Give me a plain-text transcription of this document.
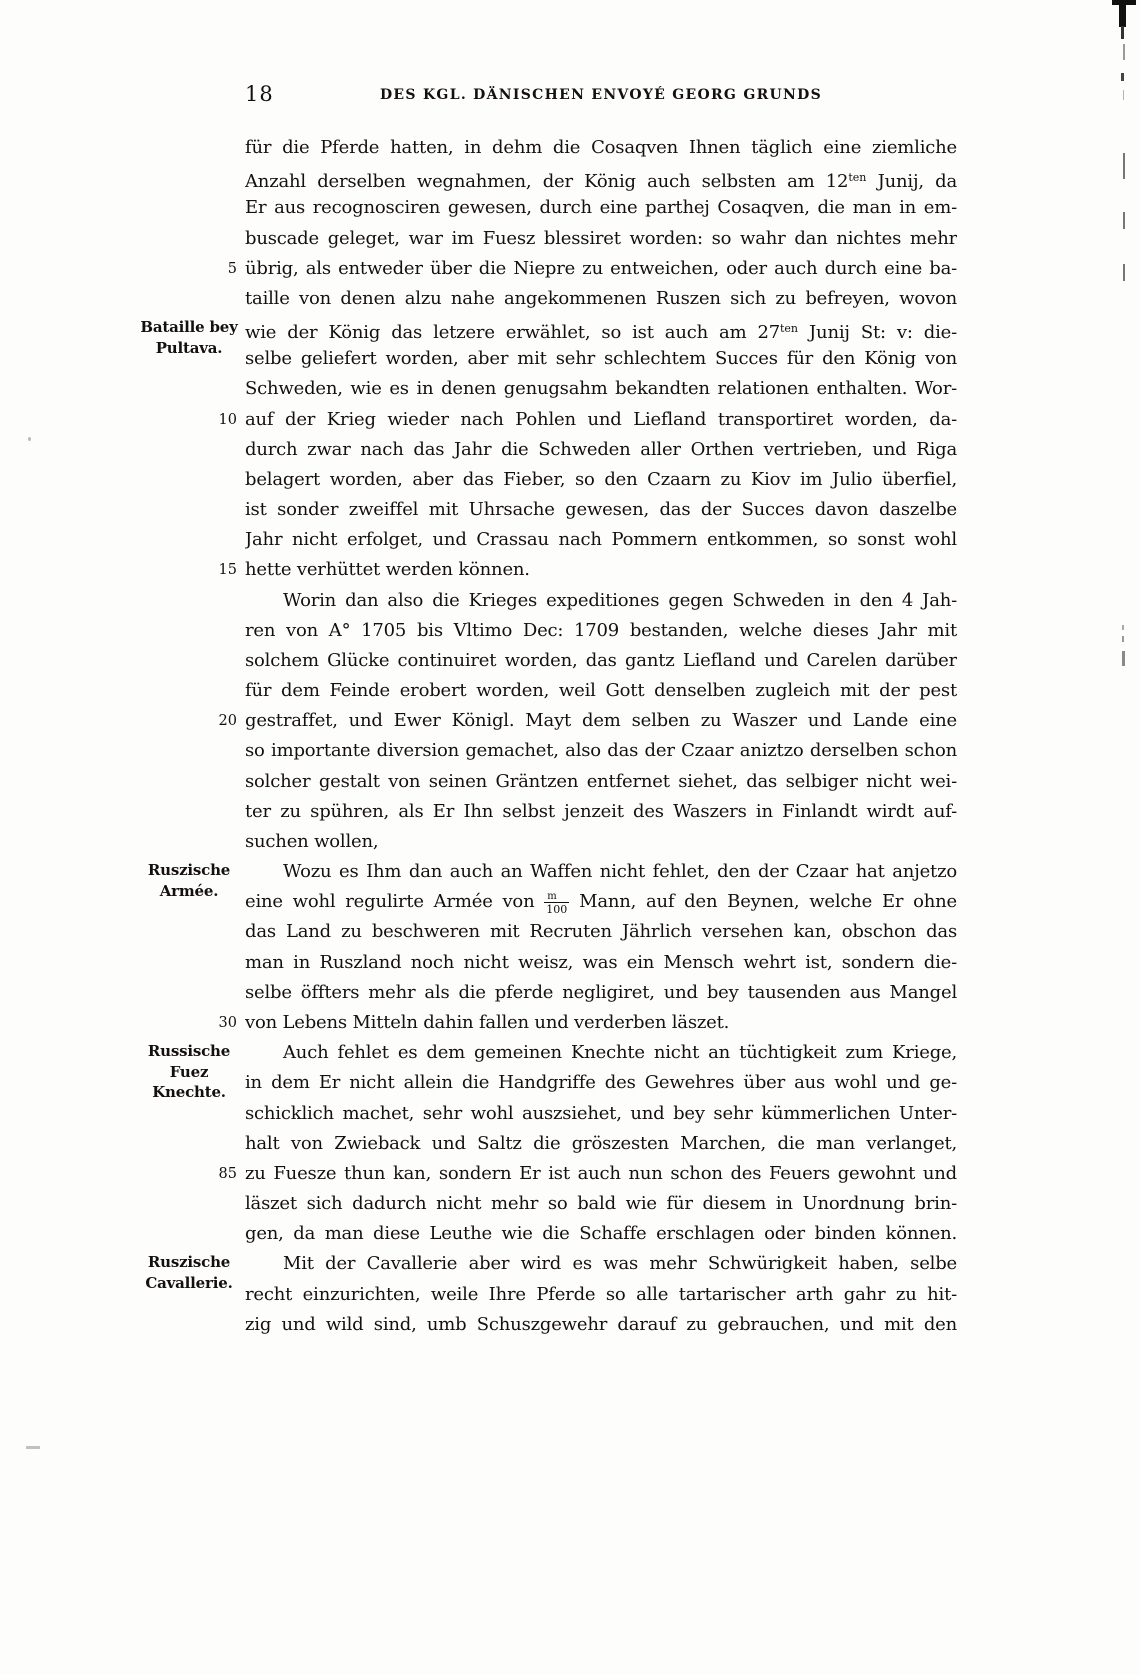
18	DES KGL. DÄNISCHEN ENVOYÉ GEORG GRUNDS
für die Pferde hatten, in dehm die Cosaqven Ihnen täglich eine ziemliche
Anzahl derselben wegnahmen, der König auch selbsten am $12^{ten}$ Junij, da
Er aus recognosciren gewesen, durch eine parthej Cosaqven, die man in em-
buscade geleget, war im Fuesz blessiret worden: so wahr dan nichtes mehr
5 übrig, als entweder über die Niepre zu entweichen, oder auch durch eine ba-
taille von denen alzu nahe angekommenen Ruszen sich zu befreyen, wovon
Bataille bey
Pultava.
wie der König das letzere erwählet, so ist auch am $27^{ten}$ Junij St: v: die-
selbe geliefert worden, aber mit sehr schlechtem Succes für den König von
Schweden, wie es in denen genugsahm bekandten relationen enthalten. Wor-
10 auf der Krieg wieder nach Pohlen und Liefland transportiret worden, da-
durch zwar nach das Jahr die Schweden aller Orthen vertrieben, und Riga
belagert worden, aber das Fieber, so den Czaarn zu Kiov im Julio überfiel,
ist sonder zweiffel mit Uhrsache gewesen, das der Succes davon daszelbe
Jahr nicht erfolget, und Crassau nach Pommern entkommen, so sonst wohl
15 hette verhüttet werden können.
Worin dan also die Krieges expeditiones gegen Schweden in den 4 Jah-
ren von A° 1705 bis Vltimo Dec: 1709 bestanden, welche dieses Jahr mit
solchem Glücke continuiret worden, das gantz Liefland und Carelen darüber
für dem Feinde erobert worden, weil Gott denselben zugleich mit der pest
20 gestraffet, und Ewer Königl. Mayt dem selben zu Waszer und Lande eine
so importante diversion gemachet, also das der Czaar aniztzo derselben schon
solcher gestalt von seinen Gräntzen entfernet siehet, das selbiger nicht wei-
ter zu spühren, als Er Ihn selbst jenzeit des Waszers in Finlandt wirdt auf-
suchen wollen,
Ruszische
Armée.
Wozu es Ihm dan auch an Waffen nicht fehlet, den der Czaar hat anjetzo
eine wohl regulirte Armée von $\frac{m}{100}$ Mann, auf den Beynen, welche Er ohne
das Land zu beschweren mit Recruten Jährlich versehen kan, obschon das
man in Ruszland noch nicht weisz, was ein Mensch wehrt ist, sondern die-
selbe öffters mehr als die pferde negligiret, und bey tausenden aus Mangel
30 von Lebens Mitteln dahin fallen und verderben läszet.
Russische
Fuez
Knechte.
Auch fehlet es dem gemeinen Knechte nicht an tüchtigkeit zum Kriege,
in dem Er nicht allein die Handgriffe des Gewehres über aus wohl und ge-
schicklich machet, sehr wohl auszsiehet, und bey sehr kümmerlichen Unter-
halt von Zwieback und Saltz die gröszesten Marchen, die man verlanget,
85 zu Fuesze thun kan, sondern Er ist auch nun schon des Feuers gewohnt und
läszet sich dadurch nicht mehr so bald wie für diesem in Unordnung brin-
gen, da man diese Leuthe wie die Schaffe erschlagen oder binden können.
Ruszische
Cavallerie.
Mit der Cavallerie aber wird es was mehr Schwürigkeit haben, selbe
recht einzurichten, weile Ihre Pferde so alle tartarischer arth gahr zu hit-
zig und wild sind, umb Schuszgewehr darauf zu gebrauchen, und mit den
